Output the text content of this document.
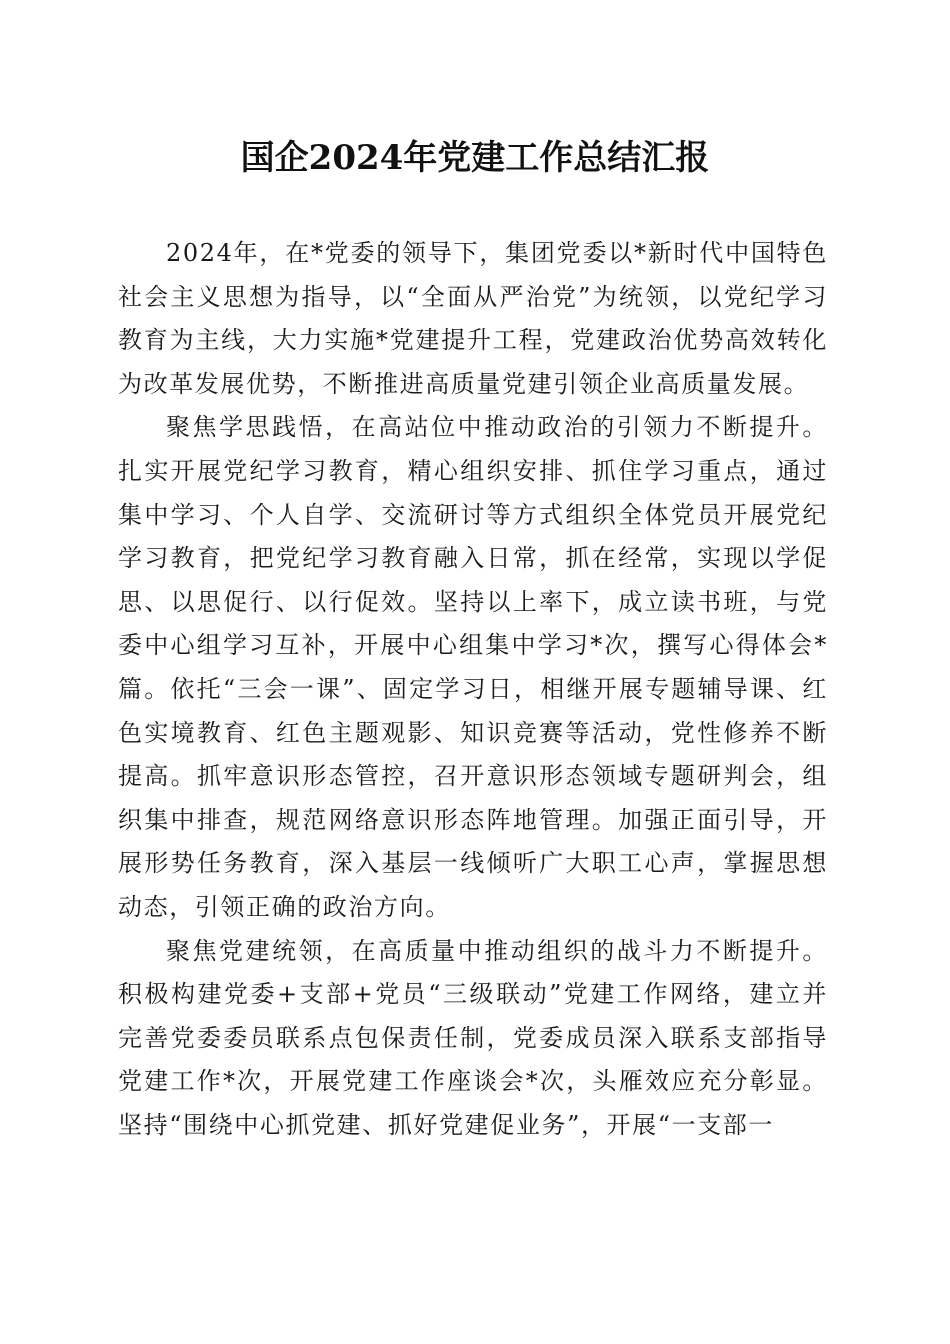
国企2024年党建工作总结汇报

2024年，在*党委的领导下，集团党委以*新时代中国特色社会主义思想为指导，以“全面从严治党”为统领，以党纪学习教育为主线，大力实施*党建提升工程，党建政治优势高效转化为改革发展优势，不断推进高质量党建引领企业高质量发展。

聚焦学思践悟，在高站位中推动政治的引领力不断提升。扎实开展党纪学习教育，精心组织安排、抓住学习重点，通过集中学习、个人自学、交流研讨等方式组织全体党员开展党纪学习教育，把党纪学习教育融入日常，抓在经常，实现以学促思、以思促行、以行促效。坚持以上率下，成立读书班，与党委中心组学习互补，开展中心组集中学习*次，撰写心得体会*篇。依托“三会一课”、固定学习日，相继开展专题辅导课、红色实境教育、红色主题观影、知识竞赛等活动，党性修养不断提高。抓牢意识形态管控，召开意识形态领域专题研判会，组织集中排查，规范网络意识形态阵地管理。加强正面引导，开展形势任务教育，深入基层一线倾听广大职工心声，掌握思想动态，引领正确的政治方向。

聚焦党建统领，在高质量中推动组织的战斗力不断提升。积极构建党委+支部+党员“三级联动”党建工作网络，建立并完善党委委员联系点包保责任制，党委成员深入联系支部指导党建工作*次，开展党建工作座谈会*次，头雁效应充分彰显。坚持“围绕中心抓党建、抓好党建促业务”，开展“一支部一
